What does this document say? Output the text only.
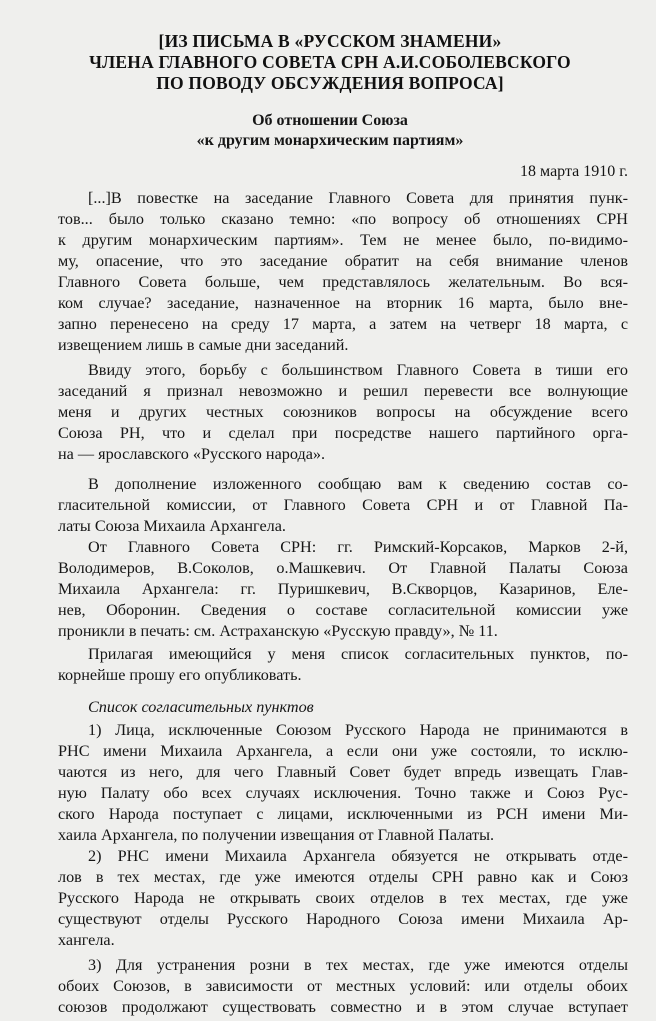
[ИЗ ПИСЬМА В «РУССКОМ ЗНАМЕНИ»
ЧЛЕНА ГЛАВНОГО СОВЕТА СРН А.И.СОБОЛЕВСКОГО
ПО ПОВОДУ ОБСУЖДЕНИЯ ВОПРОСА]
Об отношении Союза
«к другим монархическим партиям»
18 марта 1910 г.
[...]В повестке на заседание Главного Совета для принятия пунк-
тов... было только сказано темно: «по вопросу об отношениях СРН
к другим монархическим партиям». Тем не менее было, по-видимо-
му, опасение, что это заседание обратит на себя внимание членов
Главного Совета больше, чем представлялось желательным. Во вся-
ком случае? заседание, назначенное на вторник 16 марта, было вне-
запно перенесено на среду 17 марта, а затем на четверг 18 марта, с
извещением лишь в самые дни заседаний.
Ввиду этого, борьбу с большинством Главного Совета в тиши его
заседаний я признал невозможно и решил перевести все волнующие
меня и других честных союзников вопросы на обсуждение всего
Союза РН, что и сделал при посредстве нашего партийного орга-
на — ярославского «Русского народа».
В дополнение изложенного сообщаю вам к сведению состав со-
гласительной комиссии, от Главного Совета СРН и от Главной Па-
латы Союза Михаила Архангела.
От Главного Совета СРН: гг. Римский-Корсаков, Марков 2-й,
Володимеров, В.Соколов, о.Машкевич. От Главной Палаты Союза
Михаила Архангела: гг. Пуришкевич, В.Скворцов, Казаринов, Еле-
нев, Оборонин. Сведения о составе согласительной комиссии уже
проникли в печать: см. Астраханскую «Русскую правду», № 11.
Прилагая имеющийся у меня список согласительных пунктов, по-
корнейше прошу его опубликовать.
Список согласительных пунктов
1) Лица, исключенные Союзом Русского Народа не принимаются в
РНС имени Михаила Архангела, а если они уже состояли, то исклю-
чаются из него, для чего Главный Совет будет впредь извещать Глав-
ную Палату обо всех случаях исключения. Точно также и Союз Рус-
ского Народа поступает с лицами, исключенными из РСН имени Ми-
хаила Архангела, по получении извещания от Главной Палаты.
2) РНС имени Михаила Архангела обязуется не открывать отде-
лов в тех местах, где уже имеются отделы СРН равно как и Союз
Русского Народа не открывать своих отделов в тех местах, где уже
существуют отделы Русского Народного Союза имени Михаила Ар-
хангела.
3) Для устранения розни в тех местах, где уже имеются отделы
обоих Союзов, в зависимости от местных условий: или отделы обоих
союзов продолжают существовать совместно и в этом случае вступает
